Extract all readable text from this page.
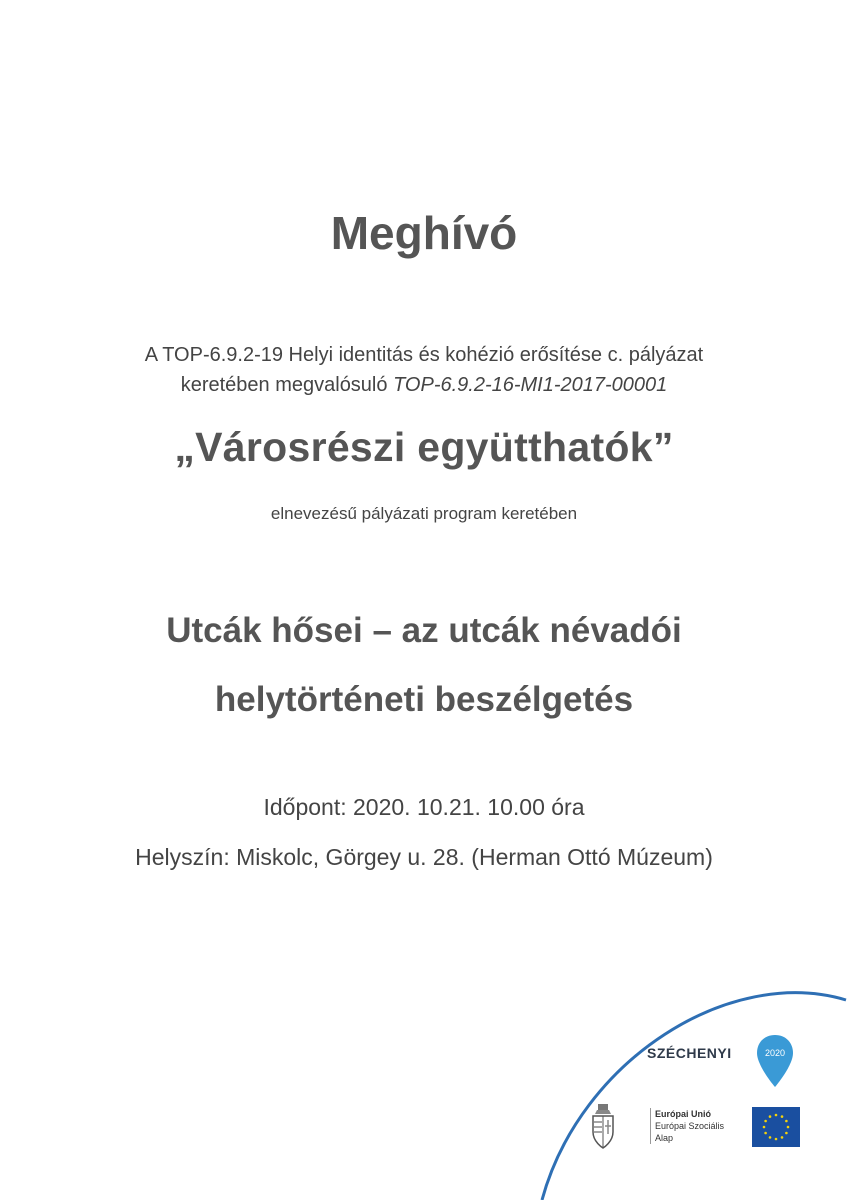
Meghívó
A TOP-6.9.2-19 Helyi identitás és kohézió erősítése c. pályázat
keretében megvalósuló TOP-6.9.2-16-MI1-2017-00001
„Városrészi együtthatók”
elnevezésű pályázati program keretében
Utcák hősei – az utcák névadói
helytörténeti beszélgetés
Időpont: 2020. 10.21. 10.00 óra
Helyszín: Miskolc, Görgey u. 28. (Herman Ottó Múzeum)
SZÉCHENYI	2020
Európai Unió
Európai Szociális
Alap
